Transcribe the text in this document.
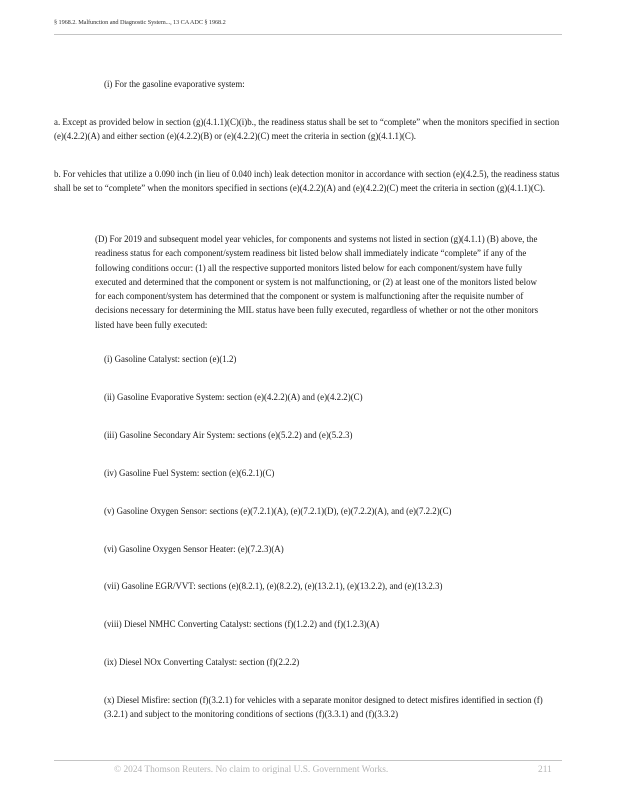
§ 1968.2. Malfunction and Diagnostic System..., 13 CA ADC § 1968.2

(i) For the gasoline evaporative system:

a. Except as provided below in section (g)(4.1.1)(C)(i)b., the readiness status shall be set to “complete” when the monitors specified in section (e)(4.2.2)(A) and either section (e)(4.2.2)(B) or (e)(4.2.2)(C) meet the criteria in section (g)(4.1.1)(C).

b. For vehicles that utilize a 0.090 inch (in lieu of 0.040 inch) leak detection monitor in accordance with section (e)(4.2.5), the readiness status shall be set to “complete” when the monitors specified in sections (e)(4.2.2)(A) and (e)(4.2.2)(C) meet the criteria in section (g)(4.1.1)(C).

(D) For 2019 and subsequent model year vehicles, for components and systems not listed in section (g)(4.1.1) (B) above, the readiness status for each component/system readiness bit listed below shall immediately indicate “complete” if any of the following conditions occur: (1) all the respective supported monitors listed below for each component/system have fully executed and determined that the component or system is not malfunctioning, or (2) at least one of the monitors listed below for each component/system has determined that the component or system is malfunctioning after the requisite number of decisions necessary for determining the MIL status have been fully executed, regardless of whether or not the other monitors listed have been fully executed:

(i) Gasoline Catalyst: section (e)(1.2)

(ii) Gasoline Evaporative System: section (e)(4.2.2)(A) and (e)(4.2.2)(C)

(iii) Gasoline Secondary Air System: sections (e)(5.2.2) and (e)(5.2.3)

(iv) Gasoline Fuel System: section (e)(6.2.1)(C)

(v) Gasoline Oxygen Sensor: sections (e)(7.2.1)(A), (e)(7.2.1)(D), (e)(7.2.2)(A), and (e)(7.2.2)(C)

(vi) Gasoline Oxygen Sensor Heater: (e)(7.2.3)(A)

(vii) Gasoline EGR/VVT: sections (e)(8.2.1), (e)(8.2.2), (e)(13.2.1), (e)(13.2.2), and (e)(13.2.3)

(viii) Diesel NMHC Converting Catalyst: sections (f)(1.2.2) and (f)(1.2.3)(A)

(ix) Diesel NOx Converting Catalyst: section (f)(2.2.2)

(x) Diesel Misfire: section (f)(3.2.1) for vehicles with a separate monitor designed to detect misfires identified in section (f)(3.2.1) and subject to the monitoring conditions of sections (f)(3.3.1) and (f)(3.3.2)

© 2024 Thomson Reuters. No claim to original U.S. Government Works.	211
